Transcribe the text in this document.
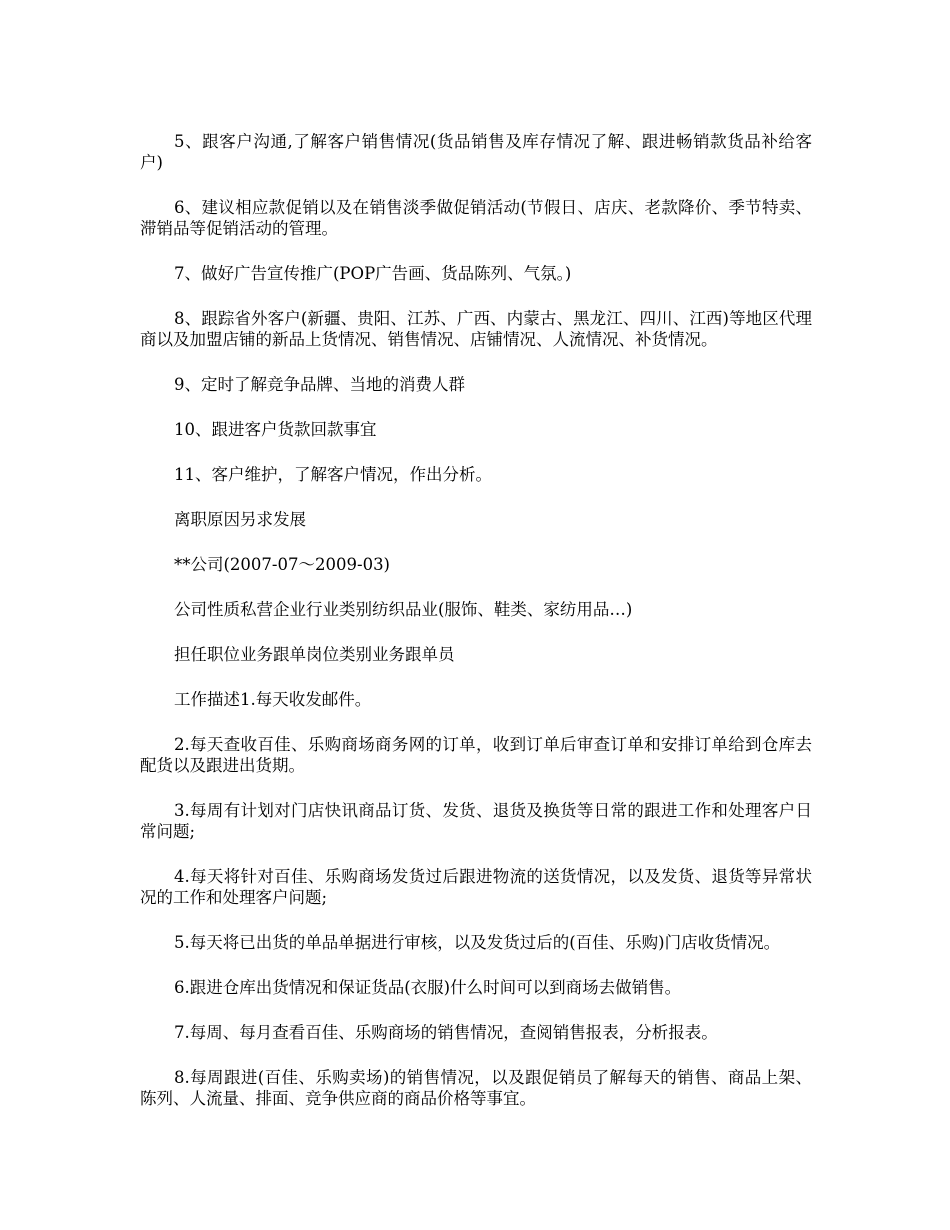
5、跟客户沟通,了解客户销售情况(货品销售及库存情况了解、跟进畅销款货品补给客户)

6、建议相应款促销以及在销售淡季做促销活动(节假日、店庆、老款降价、季节特卖、滞销品等促销活动的管理。

7、做好广告宣传推广(POP广告画、货品陈列、气氛。)

8、跟踪省外客户(新疆、贵阳、江苏、广西、内蒙古、黑龙江、四川、江西)等地区代理商以及加盟店铺的新品上货情况、销售情况、店铺情况、人流情况、补货情况。

9、定时了解竞争品牌、当地的消费人群

10、跟进客户货款回款事宜

11、客户维护，了解客户情况，作出分析。

离职原因另求发展

**公司(2007-07～2009-03)

公司性质私营企业行业类别纺织品业(服饰、鞋类、家纺用品…)

担任职位业务跟单岗位类别业务跟单员

工作描述1.每天收发邮件。

2.每天查收百佳、乐购商场商务网的订单，收到订单后审查订单和安排订单给到仓库去配货以及跟进出货期。

3.每周有计划对门店快讯商品订货、发货、退货及换货等日常的跟进工作和处理客户日常问题;

4.每天将针对百佳、乐购商场发货过后跟进物流的送货情况，以及发货、退货等异常状况的工作和处理客户问题;

5.每天将已出货的单品单据进行审核，以及发货过后的(百佳、乐购)门店收货情况。

6.跟进仓库出货情况和保证货品(衣服)什么时间可以到商场去做销售。

7.每周、每月查看百佳、乐购商场的销售情况，查阅销售报表，分析报表。

8.每周跟进(百佳、乐购卖场)的销售情况，以及跟促销员了解每天的销售、商品上架、陈列、人流量、排面、竞争供应商的商品价格等事宜。
